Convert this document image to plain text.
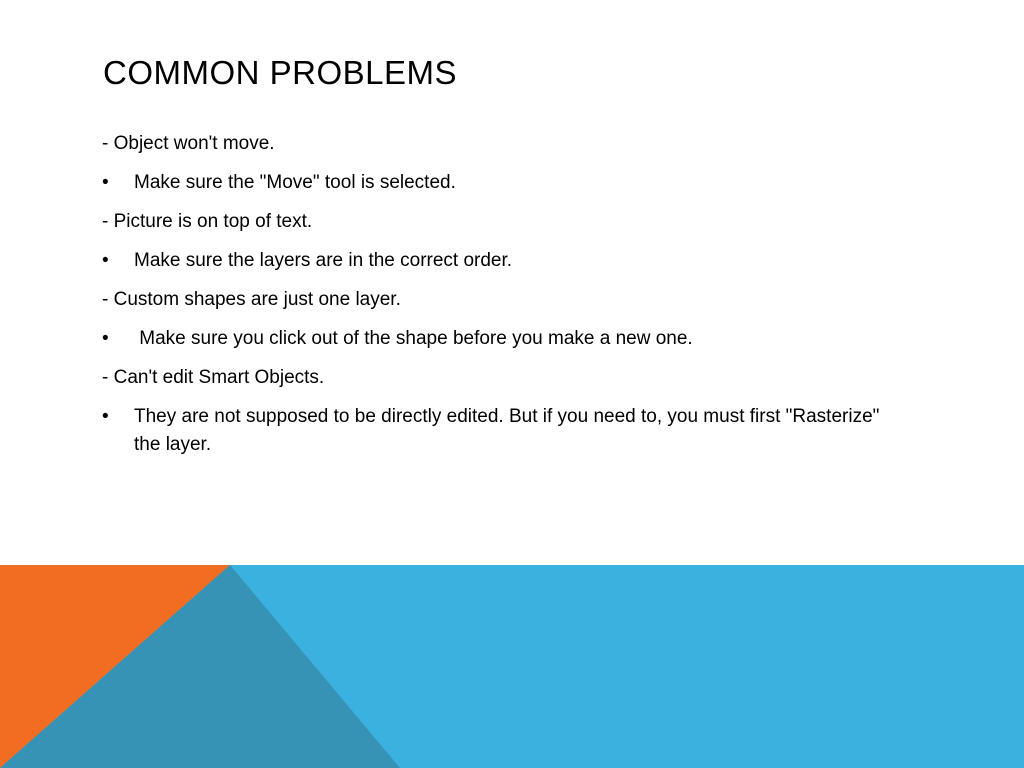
COMMON PROBLEMS

- Object won't move.

•	Make sure the "Move" tool is selected.

- Picture is on top of text.

•	Make sure the layers are in the correct order.

- Custom shapes are just one layer.

•	Make sure you click out of the shape before you make a new one.

- Can't edit Smart Objects.

•	They are not supposed to be directly edited. But if you need to, you must first "Rasterize" the layer.
